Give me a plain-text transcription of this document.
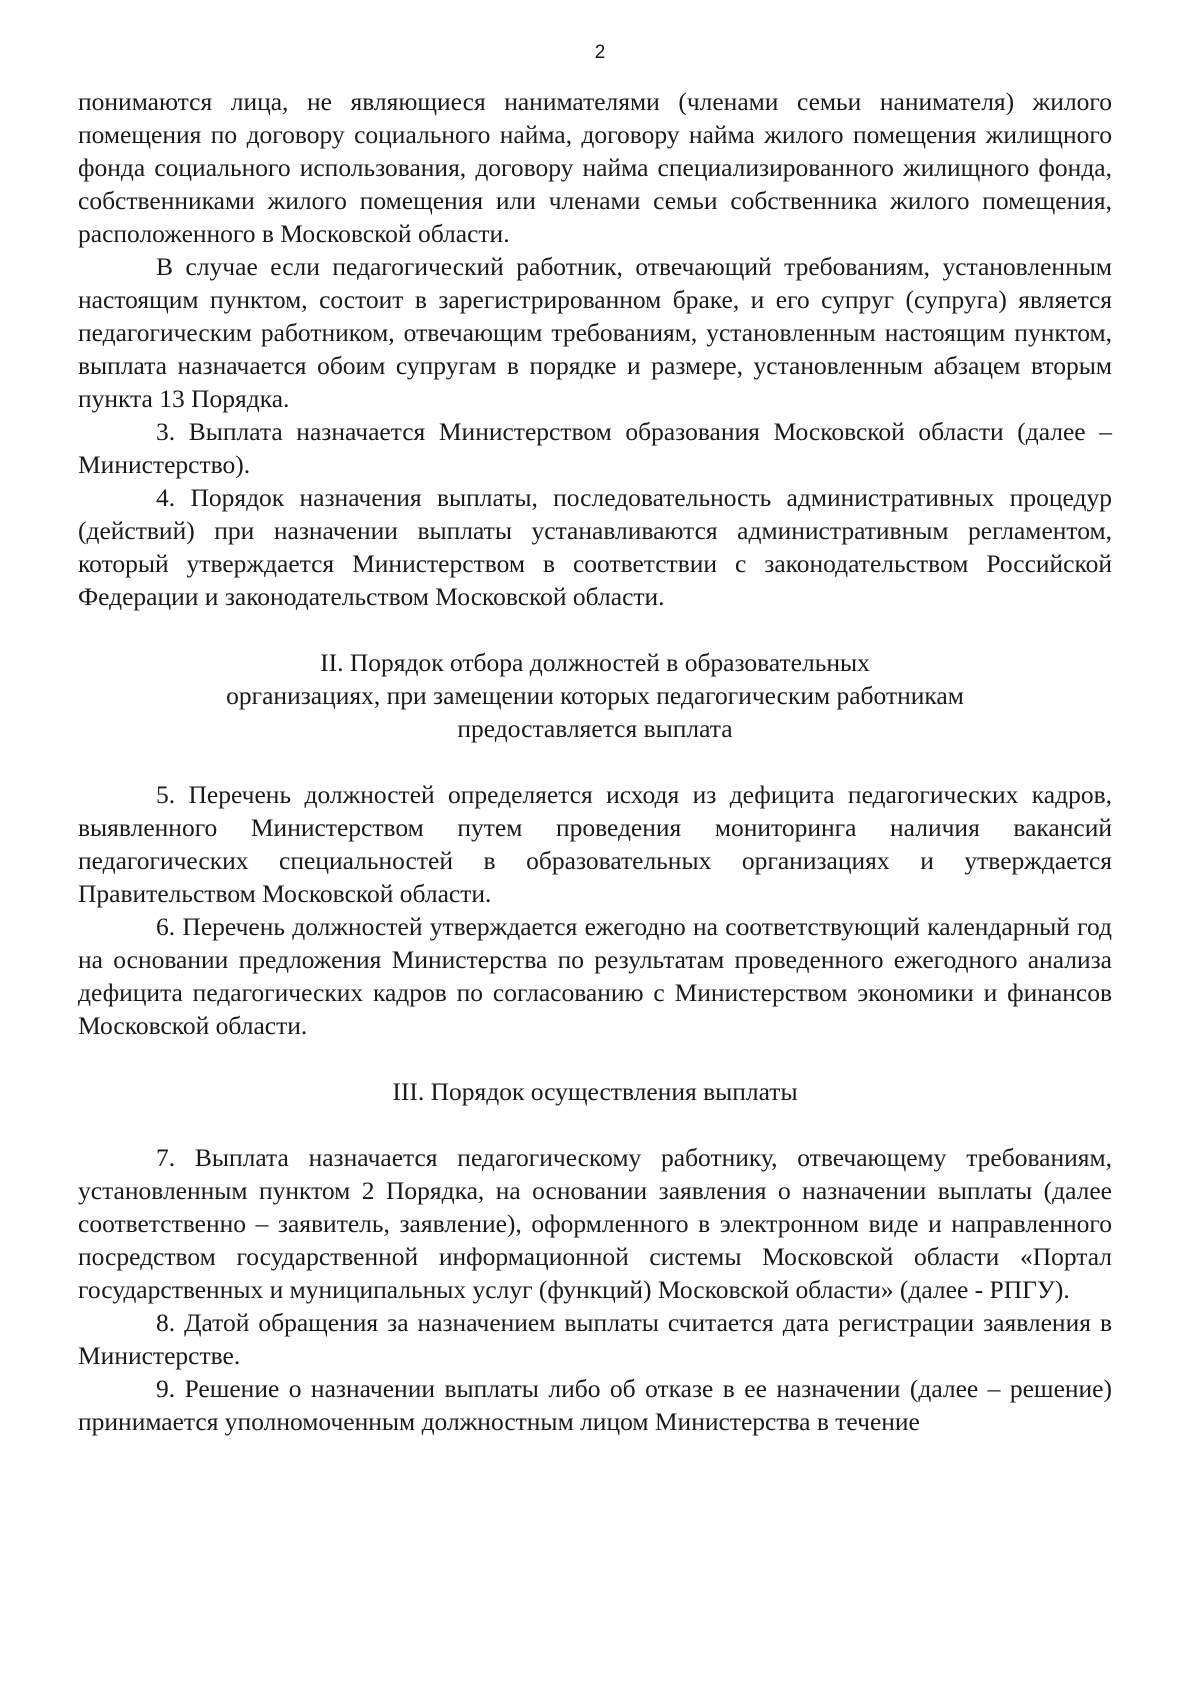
2

понимаются лица, не являющиеся нанимателями (членами семьи нанимателя) жилого помещения по договору социального найма, договору найма жилого помещения жилищного фонда социального использования, договору найма специализированного жилищного фонда, собственниками жилого помещения или членами семьи собственника жилого помещения, расположенного в Московской области.

В случае если педагогический работник, отвечающий требованиям, установленным настоящим пунктом, состоит в зарегистрированном браке, и его супруг (супруга) является педагогическим работником, отвечающим требованиям, установленным настоящим пунктом, выплата назначается обоим супругам в порядке и размере, установленным абзацем вторым пункта 13 Порядка.

3. Выплата назначается Министерством образования Московской области (далее – Министерство).

4. Порядок назначения выплаты, последовательность административных процедур (действий) при назначении выплаты устанавливаются административным регламентом, который утверждается Министерством в соответствии с законодательством Российской Федерации и законодательством Московской области.

II. Порядок отбора должностей в образовательных

организациях, при замещении которых педагогическим работникам

предоставляется выплата

5. Перечень должностей определяется исходя из дефицита педагогических кадров, выявленного Министерством путем проведения мониторинга наличия вакансий педагогических специальностей в образовательных организациях и утверждается Правительством Московской области.

6. Перечень должностей утверждается ежегодно на соответствующий календарный год на основании предложения Министерства по результатам проведенного ежегодного анализа дефицита педагогических кадров по согласованию с Министерством экономики и финансов Московской области.

III. Порядок осуществления выплаты

7. Выплата назначается педагогическому работнику, отвечающему требованиям, установленным пунктом 2 Порядка, на основании заявления о назначении выплаты (далее соответственно – заявитель, заявление), оформленного в электронном виде и направленного посредством государственной информационной системы Московской области «Портал государственных и муниципальных услуг (функций) Московской области» (далее - РПГУ).

8. Датой обращения за назначением выплаты считается дата регистрации заявления в Министерстве.

9. Решение о назначении выплаты либо об отказе в ее назначении (далее – решение) принимается уполномоченным должностным лицом Министерства в течение
